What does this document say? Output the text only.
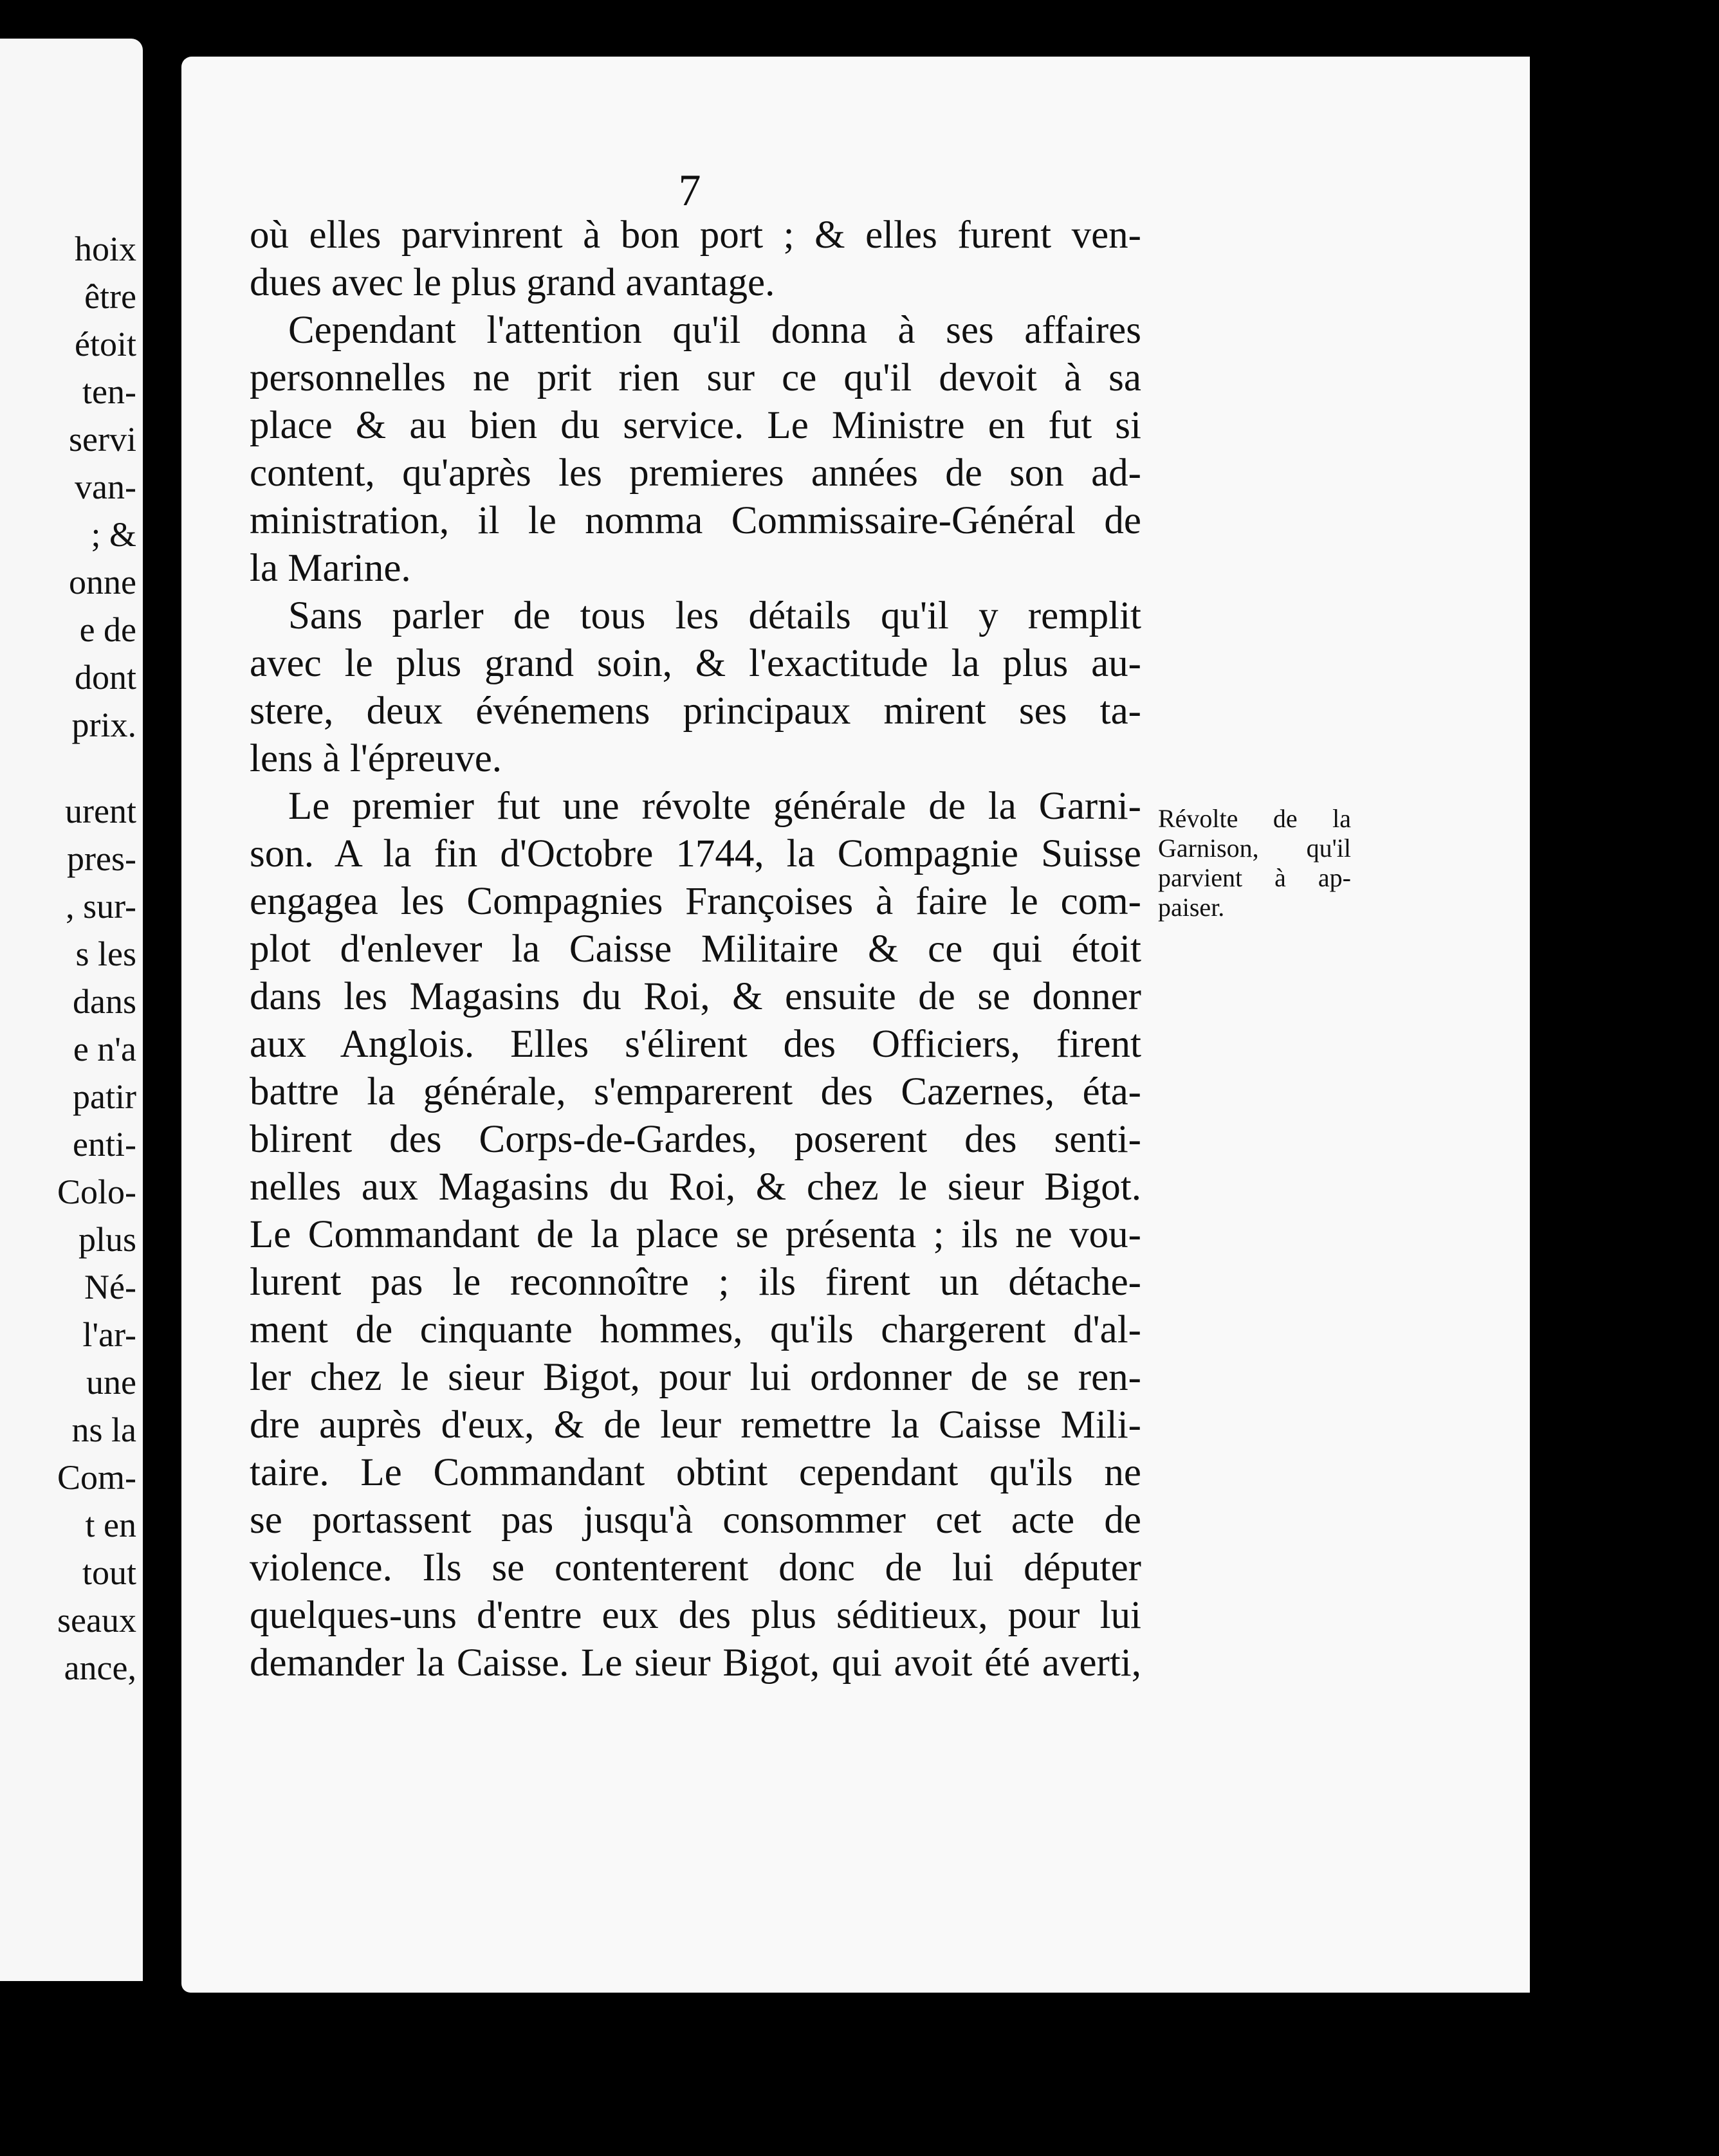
hoix
être
étoit
ten-
servi
van-
; &
onne
e de
dont
prix.
urent
pres-
, sur-
s les
dans
e n'a
patir
enti-
Colo-
plus
Né-
l'ar-
une
ns la
Com-
t en
tout
seaux
ance,
7
où elles parvinrent à bon port ; & elles furent ven-
dues avec le plus grand avantage.
Cependant l'attention qu'il donna à ses affaires
personnelles ne prit rien sur ce qu'il devoit à sa
place & au bien du service. Le Ministre en fut si
content, qu'après les premieres années de son ad-
ministration, il le nomma Commissaire-Général de
la Marine.
Sans parler de tous les détails qu'il y remplit
avec le plus grand soin, & l'exactitude la plus au-
stere, deux événemens principaux mirent ses ta-
lens à l'épreuve.
Le premier fut une révolte générale de la Garni-
son. A la fin d'Octobre 1744, la Compagnie Suisse
engagea les Compagnies Françoises à faire le com-
plot d'enlever la Caisse Militaire & ce qui étoit
dans les Magasins du Roi, & ensuite de se donner
aux Anglois. Elles s'élirent des Officiers, firent
battre la générale, s'emparerent des Cazernes, éta-
blirent des Corps-de-Gardes, poserent des senti-
nelles aux Magasins du Roi, & chez le sieur Bigot.
Le Commandant de la place se présenta ; ils ne vou-
lurent pas le reconnoître ; ils firent un détache-
ment de cinquante hommes, qu'ils chargerent d'al-
ler chez le sieur Bigot, pour lui ordonner de se ren-
dre auprès d'eux, & de leur remettre la Caisse Mili-
taire. Le Commandant obtint cependant qu'ils ne
se portassent pas jusqu'à consommer cet acte de
violence. Ils se contenterent donc de lui députer
quelques-uns d'entre eux des plus séditieux, pour lui
demander la Caisse. Le sieur Bigot, qui avoit été averti,
Révolte de la
Garnison, qu'il
parvient à ap-
paiser.
